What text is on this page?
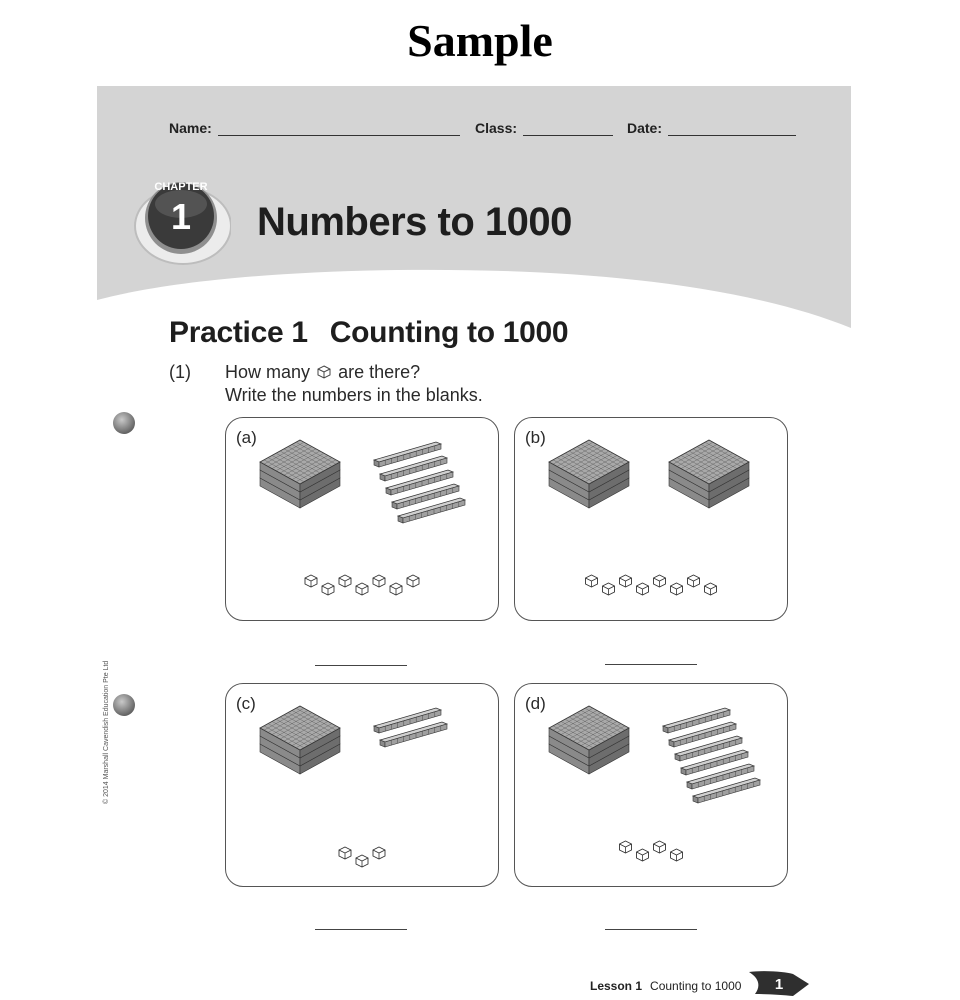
Sample
Name:	Class:	Date:
CHAPTER
1 Numbers to 1000
Practice 1 Counting to 1000
(1) How many are there?
Write the numbers in the blanks.
(a)	(b)
(c)	(d)
© 2014 Marshall Cavendish Education Pte Ltd
Lesson 1 Counting to 1000 1
